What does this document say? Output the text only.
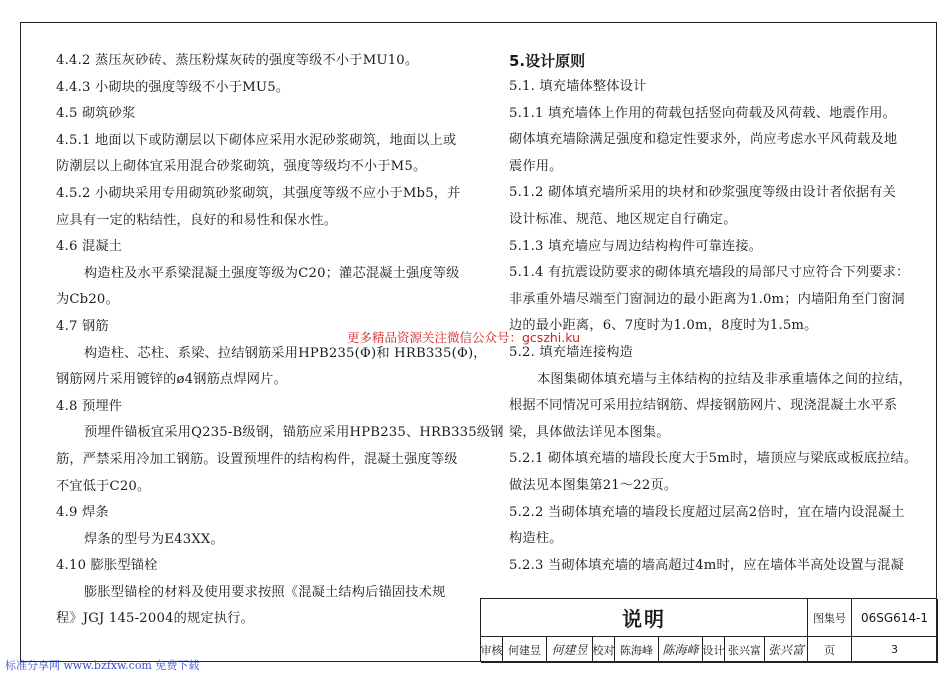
4.4.2 蒸压灰砂砖、蒸压粉煤灰砖的强度等级不小于MU10。
4.4.3 小砌块的强度等级不小于MU5。
4.5 砌筑砂浆
4.5.1 地面以下或防潮层以下砌体应采用水泥砂浆砌筑，地面以上或
防潮层以上砌体宜采用混合砂浆砌筑，强度等级均不小于M5。
4.5.2 小砌块采用专用砌筑砂浆砌筑，其强度等级不应小于Mb5，并
应具有一定的粘结性，良好的和易性和保水性。
4.6 混凝土
构造柱及水平系梁混凝土强度等级为C20；灌芯混凝土强度等级
为Cb20。
4.7 钢筋
构造柱、芯柱、系梁、拉结钢筋采用HPB235(Φ)和 HRB335(Φ)，
钢筋网片采用镀锌的ø4钢筋点焊网片。
4.8 预埋件
预埋件锚板宜采用Q235-B级钢，锚筋应采用HPB235、HRB335级钢
筋，严禁采用冷加工钢筋。设置预埋件的结构构件，混凝土强度等级
不宜低于C20。
4.9 焊条
焊条的型号为E43XX。
4.10 膨胀型锚栓
膨胀型锚栓的材料及使用要求按照《混凝土结构后锚固技术规
程》JGJ 145-2004的规定执行。
5.设计原则
5.1. 填充墙体整体设计
5.1.1 填充墙体上作用的荷载包括竖向荷载及风荷载、地震作用。
砌体填充墙除满足强度和稳定性要求外，尚应考虑水平风荷载及地
震作用。
5.1.2 砌体填充墙所采用的块材和砂浆强度等级由设计者依据有关
设计标准、规范、地区规定自行确定。
5.1.3 填充墙应与周边结构构件可靠连接。
5.1.4 有抗震设防要求的砌体填充墙段的局部尺寸应符合下列要求：
非承重外墙尽端至门窗洞边的最小距离为1.0m；内墙阳角至门窗洞
边的最小距离，6、7度时为1.0m，8度时为1.5m。
5.2. 填充墙连接构造
本图集砌体填充墙与主体结构的拉结及非承重墙体之间的拉结，
根据不同情况可采用拉结钢筋、焊接钢筋网片、现浇混凝土水平系
梁，具体做法详见本图集。
5.2.1 砌体填充墙的墙段长度大于5m时，墙顶应与梁底或板底拉结。
做法见本图集第21～22页。
5.2.2 当砌体填充墙的墙段长度超过层高2倍时，宜在墙内设混凝土
构造柱。
5.2.3 当砌体填充墙的墙高超过4m时，应在墙体半高处设置与混凝
更多精品资源关注微信公众号：gcszhi.ku
说明	图集号	06SG614-1
审核 何建昱 何建昱 校对 陈海峰 陈海峰 设计 张兴富 张兴富	页	3
标准分享网 www.bzfxw.com 免费下载
